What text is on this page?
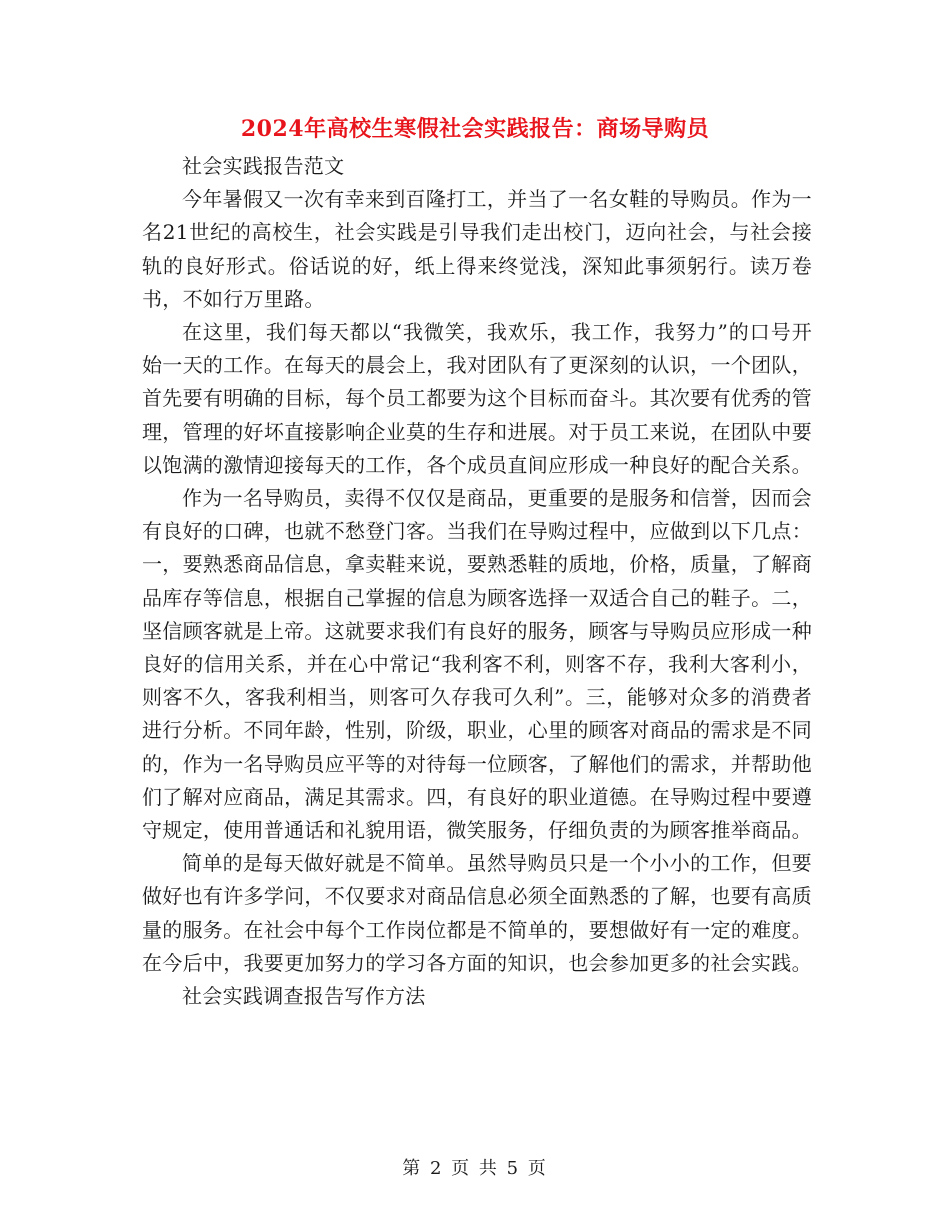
2024年高校生寒假社会实践报告：商场导购员

社会实践报告范文

今年暑假又一次有幸来到百隆打工，并当了一名女鞋的导购员。作为一名21世纪的高校生，社会实践是引导我们走出校门，迈向社会，与社会接轨的良好形式。俗话说的好，纸上得来终觉浅，深知此事须躬行。读万卷书，不如行万里路。

在这里，我们每天都以“我微笑，我欢乐，我工作，我努力”的口号开始一天的工作。在每天的晨会上，我对团队有了更深刻的认识，一个团队，首先要有明确的目标，每个员工都要为这个目标而奋斗。其次要有优秀的管理，管理的好坏直接影响企业莫的生存和进展。对于员工来说，在团队中要以饱满的激情迎接每天的工作，各个成员直间应形成一种良好的配合关系。

作为一名导购员，卖得不仅仅是商品，更重要的是服务和信誉，因而会有良好的口碑，也就不愁登门客。当我们在导购过程中，应做到以下几点：一，要熟悉商品信息，拿卖鞋来说，要熟悉鞋的质地，价格，质量，了解商品库存等信息，根据自己掌握的信息为顾客选择一双适合自己的鞋子。二，坚信顾客就是上帝。这就要求我们有良好的服务，顾客与导购员应形成一种良好的信用关系，并在心中常记“我利客不利，则客不存，我利大客利小，则客不久，客我利相当，则客可久存我可久利”。三，能够对众多的消费者进行分析。不同年龄，性别，阶级，职业，心里的顾客对商品的需求是不同的，作为一名导购员应平等的对待每一位顾客，了解他们的需求，并帮助他们了解对应商品，满足其需求。四，有良好的职业道德。在导购过程中要遵守规定，使用普通话和礼貌用语，微笑服务，仔细负责的为顾客推举商品。

简单的是每天做好就是不简单。虽然导购员只是一个小小的工作，但要做好也有许多学问，不仅要求对商品信息必须全面熟悉的了解，也要有高质量的服务。在社会中每个工作岗位都是不简单的，要想做好有一定的难度。在今后中，我要更加努力的学习各方面的知识，也会参加更多的社会实践。

社会实践调查报告写作方法

第 2 页 共 5 页
